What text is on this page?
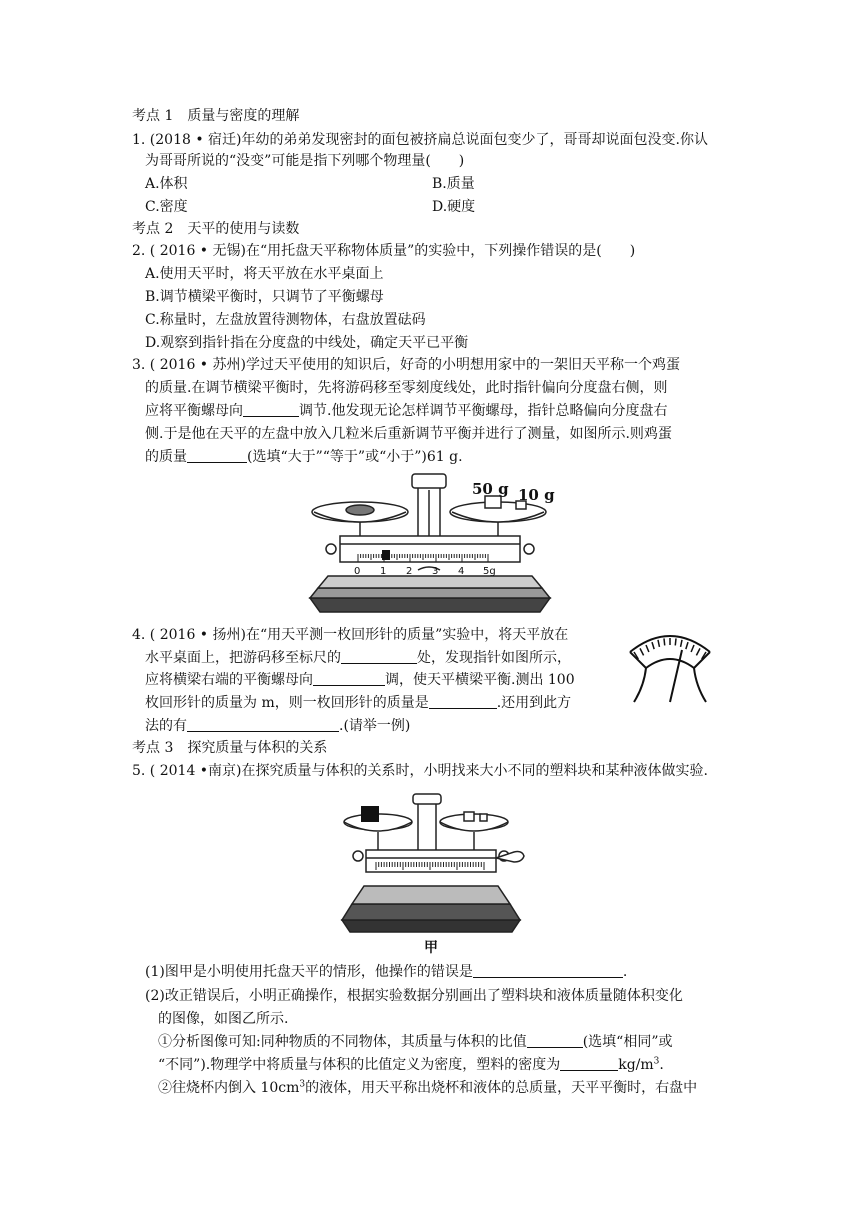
考点 1　质量与密度的理解
1. (2018 • 宿迁)年幼的弟弟发现密封的面包被挤扁总说面包变少了，哥哥却说面包没变.你认
为哥哥所说的“没变”可能是指下列哪个物理量(　　)
A.体积	B.质量
C.密度	D.硬度
考点 2　天平的使用与读数
2. ( 2016 • 无锡)在“用托盘天平称物体质量”的实验中，下列操作错误的是(　　)
A.使用天平时，将天平放在水平桌面上
B.调节横梁平衡时，只调节了平衡螺母
C.称量时，左盘放置待测物体，右盘放置砝码
D.观察到指针指在分度盘的中线处，确定天平已平衡
3. ( 2016 • 苏州)学过天平使用的知识后，好奇的小明想用家中的一架旧天平称一个鸡蛋
的质量.在调节横梁平衡时，先将游码移至零刻度线处，此时指针偏向分度盘右侧，则
应将平衡螺母向	调节.他发现无论怎样调节平衡螺母，指针总略偏向分度盘右
侧.于是他在天平的左盘中放入几粒米后重新调节平衡并进行了测量，如图所示.则鸡蛋
的质量	(选填“大于”“等于”或“小于”)61 g.
50 g 10 g
0 1 2 3 4 5g
4. ( 2016 • 扬州)在“用天平测一枚回形针的质量”实验中，将天平放在
水平桌面上，把游码移至标尺的	处，发现指针如图所示，
应将横梁右端的平衡螺母向	调，使天平横梁平衡.测出 100
枚回形针的质量为 m，则一枚回形针的质量是	.还用到此方
法的有	.(请举一例)
考点 3　探究质量与体积的关系
5. ( 2014 •南京)在探究质量与体积的关系时，小明找来大小不同的塑料块和某种液体做实验.
甲
(1)图甲是小明使用托盘天平的情形，他操作的错误是	.
(2)改正错误后，小明正确操作，根据实验数据分别画出了塑料块和液体质量随体积变化
的图像，如图乙所示.
①分析图像可知:同种物质的不同物体，其质量与体积的比值	(选填“相同”或
“不同”).物理学中将质量与体积的比值定义为密度，塑料的密度为	$kg/m^3$.
②往烧杯内倒入 $10cm^3$的液体，用天平称出烧杯和液体的总质量，天平平衡时，右盘中
